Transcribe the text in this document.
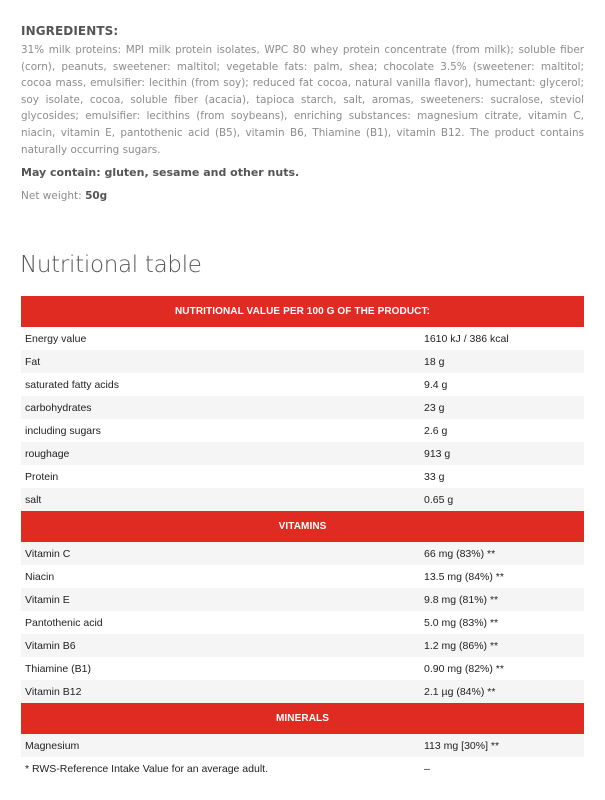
INGREDIENTS:
31% milk proteins: MPI milk protein isolates, WPC 80 whey protein concentrate (from milk); soluble fiber (corn), peanuts, sweetener: maltitol; vegetable fats: palm, shea; chocolate 3.5% (sweetener: maltitol; cocoa mass, emulsifier: lecithin (from soy); reduced fat cocoa, natural vanilla flavor), humectant: glycerol; soy isolate, cocoa, soluble fiber (acacia), tapioca starch, salt, aromas, sweeteners: sucralose, steviol glycosides; emulsifier: lecithins (from soybeans), enriching substances: magnesium citrate, vitamin C, niacin, vitamin E, pantothenic acid (B5), vitamin B6, Thiamine (B1), vitamin B12. The product contains naturally occurring sugars.
May contain: gluten, sesame and other nuts.
Net weight: 50g
Nutritional table
NUTRITIONAL VALUE PER 100 G OF THE PRODUCT:	
Energy value	1610 kJ / 386 kcal
Fat	18 g
saturated fatty acids	9.4 g
carbohydrates	23 g
including sugars	2.6 g
roughage	913 g
Protein	33 g
salt	0.65 g
VITAMINS	
Vitamin C	66 mg (83%) **
Niacin	13.5 mg (84%) **
Vitamin E	9.8 mg (81%) **
Pantothenic acid	5.0 mg (83%) **
Vitamin B6	1.2 mg (86%) **
Thiamine (B1)	0.90 mg (82%) **
Vitamin B12	2.1 µg (84%) **
MINERALS	
Magnesium	113 mg [30%] **
* RWS-Reference Intake Value for an average adult.	–
